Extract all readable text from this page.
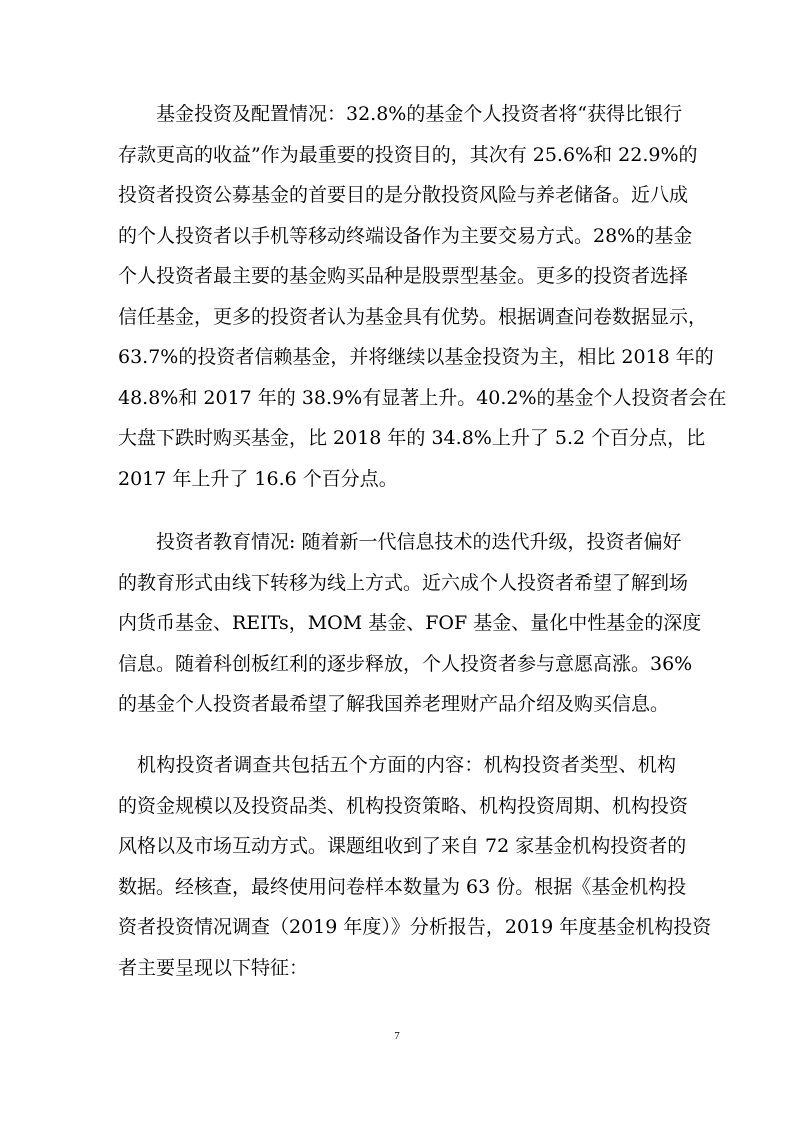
基金投资及配置情况：32.8%的基金个人投资者将“获得比银行
存款更高的收益”作为最重要的投资目的，其次有 25.6%和 22.9%的
投资者投资公募基金的首要目的是分散投资风险与养老储备。近八成
的个人投资者以手机等移动终端设备作为主要交易方式。28%的基金
个人投资者最主要的基金购买品种是股票型基金。更多的投资者选择
信任基金，更多的投资者认为基金具有优势。根据调查问卷数据显示，
63.7%的投资者信赖基金，并将继续以基金投资为主，相比 2018 年的
48.8%和 2017 年的 38.9%有显著上升。40.2%的基金个人投资者会在
大盘下跌时购买基金，比 2018 年的 34.8%上升了 5.2 个百分点，比
2017 年上升了 16.6 个百分点。

投资者教育情况: 随着新一代信息技术的迭代升级，投资者偏好
的教育形式由线下转移为线上方式。近六成个人投资者希望了解到场
内货币基金、REITs，MOM 基金、FOF 基金、量化中性基金的深度
信息。随着科创板红利的逐步释放，个人投资者参与意愿高涨。36%
的基金个人投资者最希望了解我国养老理财产品介绍及购买信息。

机构投资者调查共包括五个方面的内容：机构投资者类型、机构
的资金规模以及投资品类、机构投资策略、机构投资周期、机构投资
风格以及市场互动方式。课题组收到了来自 72 家基金机构投资者的
数据。经核查，最终使用问卷样本数量为 63 份。根据《基金机构投
资者投资情况调查（2019 年度）》分析报告，2019 年度基金机构投资
者主要呈现以下特征：

7
